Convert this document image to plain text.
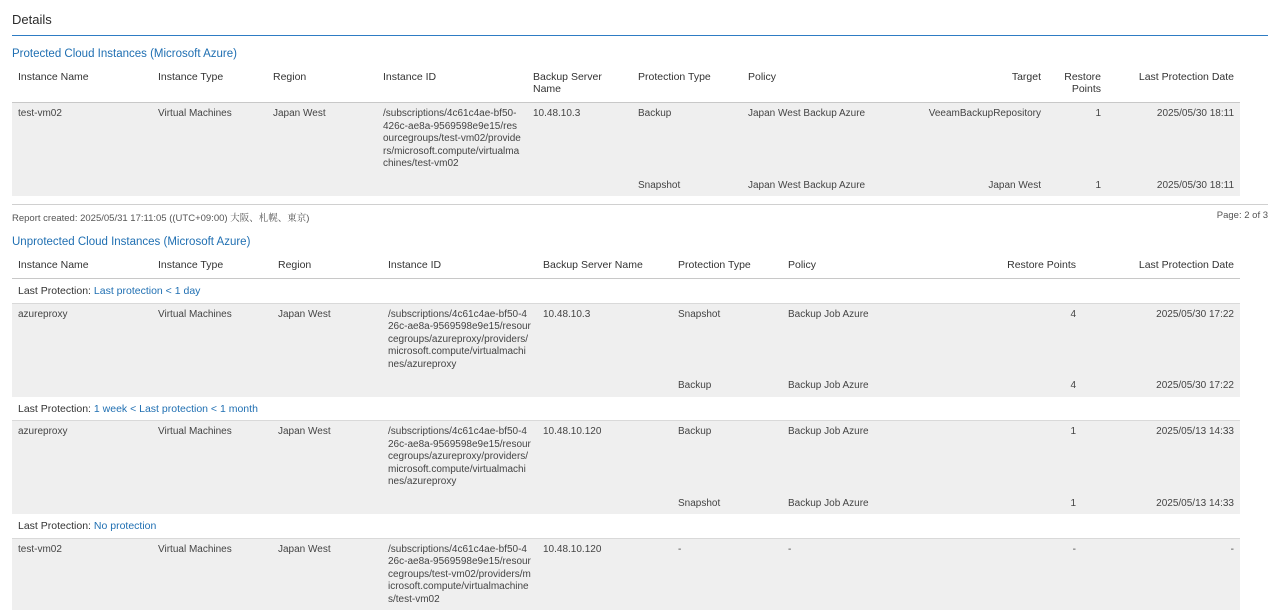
Details
Protected Cloud Instances (Microsoft Azure)
Instance Name	Instance Type	Region	Instance ID	Backup Server Name	Protection Type	Policy	Target	Restore Points	Last Protection Date
test-vm02	Virtual Machines	Japan West	/subscriptions/4c61c4ae-bf50-426c-ae8a-9569598e9e15/resourcegroups/test-vm02/providers/microsoft.compute/virtualmachines/test-vm02	10.48.10.3	Backup	Japan West Backup Azure	VeeamBackupRepository	1	2025/05/30 18:11
					Snapshot	Japan West Backup Azure	Japan West	1	2025/05/30 18:11
Report created: 2025/05/31 17:11:05 ((UTC+09:00) 大阪、札幌、東京)	Page: 2 of 3
Unprotected Cloud Instances (Microsoft Azure)
Instance Name	Instance Type	Region	Instance ID	Backup Server Name	Protection Type	Policy	Restore Points	Last Protection Date
Last Protection: Last protection < 1 day								
azureproxy	Virtual Machines	Japan West	/subscriptions/4c61c4ae-bf50-426c-ae8a-9569598e9e15/resourcegroups/azureproxy/providers/microsoft.compute/virtualmachines/azureproxy	10.48.10.3	Snapshot	Backup Job Azure	4	2025/05/30 17:22
					Backup	Backup Job Azure	4	2025/05/30 17:22
Last Protection: 1 week < Last protection < 1 month								
azureproxy	Virtual Machines	Japan West	/subscriptions/4c61c4ae-bf50-426c-ae8a-9569598e9e15/resourcegroups/azureproxy/providers/microsoft.compute/virtualmachines/azureproxy	10.48.10.120	Backup	Backup Job Azure	1	2025/05/13 14:33
					Snapshot	Backup Job Azure	1	2025/05/13 14:33
Last Protection: No protection								
test-vm02	Virtual Machines	Japan West	/subscriptions/4c61c4ae-bf50-426c-ae8a-9569598e9e15/resourcegroups/test-vm02/providers/microsoft.compute/virtualmachines/test-vm02	10.48.10.120	-	-	-	-
